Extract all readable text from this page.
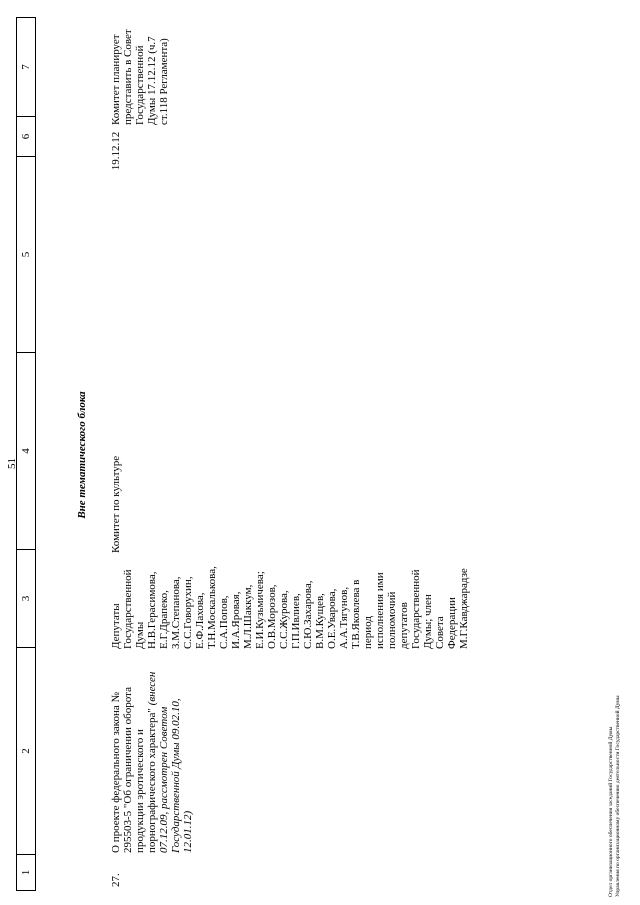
51
1
2
3
4
5
6
7
Вне тематического блока
27.
О проекте федерального закона № 295503-5 "Об ограничении оборота продукции эротического и порнографического характера" (внесен 07.12.09, рассмотрен Советом Государственной Думы 09.02.10, 12.01.12)
Депутаты Государственной Думы Н.В.Герасимова, Е.Г.Драпеко, З.М.Степанова, С.С.Говорухин, Е.Ф.Лахова, Т.Н.Москалькова, С.А.Попов, И.А.Яровая, М.Л.Шаккум, Е.И.Кузьмичева; О.В.Морозов, С.С.Журова, Г.П.Ивлиев, С.Ю.Захарова, В.М.Кущев, О.Е.Уварова, А.А.Тягунов, Т.В.Яковлева в период исполнения ими полномочий депутатов Государственной Думы; член Совета Федерации М.Г.Кавджарадзе
Комитет по культуре
19.12.12
Комитет планирует представить в Совет Государственной Думы 17.12.12 (ч.7 ст.118 Регламента)
Отдел организационного обеспечения заседаний Государственной Думы Управления по организационному обеспечению деятельности Государственной Думы
